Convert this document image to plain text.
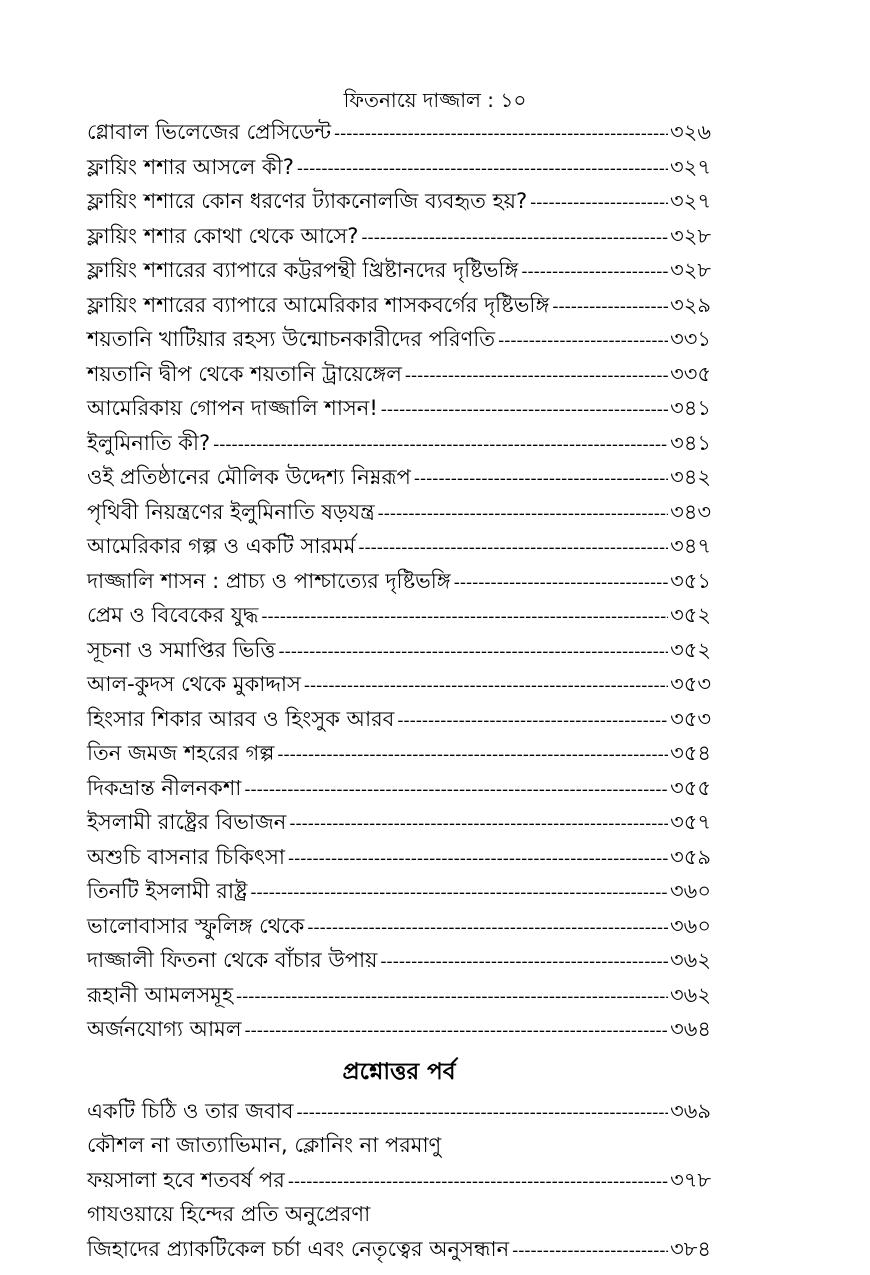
ফিতনায়ে দাজ্জাল : ১০
গ্লোবাল ভিলেজের প্রেসিডেন্ট -----	৩২৬
ফ্লায়িং শশার আসলে কী? -----	৩২৭
ফ্লায়িং শশারে কোন ধরণের ট্যাকনোলজি ব্যবহৃত হয়? -----	৩২৭
ফ্লায়িং শশার কোথা থেকে আসে? -----	৩২৮
ফ্লায়িং শশারের ব্যাপারে কট্টরপন্থী খ্রিষ্টানদের দৃষ্টিভঙ্গি -----	৩২৮
ফ্লায়িং শশারের ব্যাপারে আমেরিকার শাসকবর্গের দৃষ্টিভঙ্গি -----	৩২৯
শয়তানি খাটিয়ার রহস্য উন্মোচনকারীদের পরিণতি -----	৩৩১
শয়তানি দ্বীপ থেকে শয়তানি ট্রায়েঙ্গেল -----	৩৩৫
আমেরিকায় গোপন দাজ্জালি শাসন! -----	৩৪১
ইলুমিনাতি কী? -----	৩৪১
ওই প্রতিষ্ঠানের মৌলিক উদ্দেশ্য নিম্নরূপ -----	৩৪২
পৃথিবী নিয়ন্ত্রণের ইলুমিনাতি ষড়যন্ত্র -----	৩৪৩
আমেরিকার গল্প ও একটি সারমর্ম -----	৩৪৭
দাজ্জালি শাসন : প্রাচ্য ও পাশ্চাত্যের দৃষ্টিভঙ্গি -----	৩৫১
প্রেম ও বিবেকের যুদ্ধ -----	৩৫২
সূচনা ও সমাপ্তির ভিত্তি -----	৩৫২
আল-কুদস থেকে মুকাদ্দাস -----	৩৫৩
হিংসার শিকার আরব ও হিংসুক আরব -----	৩৫৩
তিন জমজ শহরের গল্প -----	৩৫৪
দিকভ্রান্ত নীলনকশা -----	৩৫৫
ইসলামী রাষ্ট্রের বিভাজন -----	৩৫৭
অশুচি বাসনার চিকিৎসা -----	৩৫৯
তিনটি ইসলামী রাষ্ট্র -----	৩৬০
ভালোবাসার স্ফুলিঙ্গ থেকে -----	৩৬০
দাজ্জালী ফিতনা থেকে বাঁচার উপায় -----	৩৬২
রূহানী আমলসমূহ -----	৩৬২
অর্জনযোগ্য আমল -----	৩৬৪
প্রশ্নোত্তর পর্ব
একটি চিঠি ও তার জবাব -----	৩৬৯
কৌশল না জাত্যাভিমান, ক্লোনিং না পরমাণু
ফয়সালা হবে শতবর্ষ পর -----	৩৭৮
গাযওয়ায়ে হিন্দের প্রতি অনুপ্রেরণা
জিহাদের প্র্যাকটিকেল চর্চা এবং নেতৃত্বের অনুসন্ধান -----	৩৮৪
